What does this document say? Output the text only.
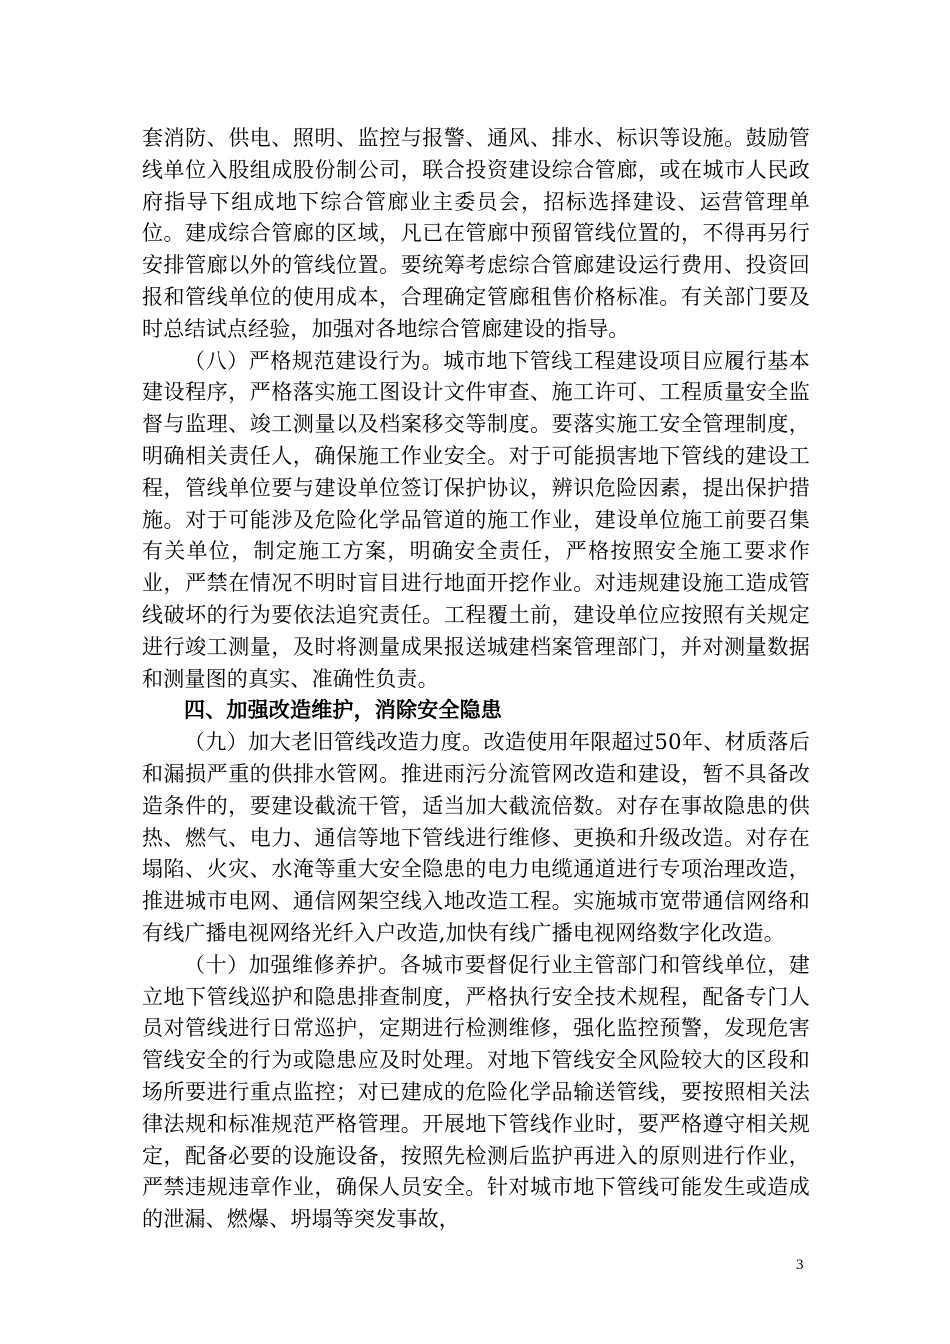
套消防、供电、照明、监控与报警、通风、排水、标识等设施。鼓励管线单位入股组成股份制公司，联合投资建设综合管廊，或在城市人民政府指导下组成地下综合管廊业主委员会，招标选择建设、运营管理单位。建成综合管廊的区域，凡已在管廊中预留管线位置的，不得再另行安排管廊以外的管线位置。要统筹考虑综合管廊建设运行费用、投资回报和管线单位的使用成本，合理确定管廊租售价格标准。有关部门要及时总结试点经验，加强对各地综合管廊建设的指导。

（八）严格规范建设行为。城市地下管线工程建设项目应履行基本建设程序，严格落实施工图设计文件审查、施工许可、工程质量安全监督与监理、竣工测量以及档案移交等制度。要落实施工安全管理制度，明确相关责任人，确保施工作业安全。对于可能损害地下管线的建设工程，管线单位要与建设单位签订保护协议，辨识危险因素，提出保护措施。对于可能涉及危险化学品管道的施工作业，建设单位施工前要召集有关单位，制定施工方案，明确安全责任，严格按照安全施工要求作业，严禁在情况不明时盲目进行地面开挖作业。对违规建设施工造成管线破坏的行为要依法追究责任。工程覆土前，建设单位应按照有关规定进行竣工测量，及时将测量成果报送城建档案管理部门，并对测量数据和测量图的真实、准确性负责。

四、加强改造维护，消除安全隐患

（九）加大老旧管线改造力度。改造使用年限超过50年、材质落后和漏损严重的供排水管网。推进雨污分流管网改造和建设，暂不具备改造条件的，要建设截流干管，适当加大截流倍数。对存在事故隐患的供热、燃气、电力、通信等地下管线进行维修、更换和升级改造。对存在塌陷、火灾、水淹等重大安全隐患的电力电缆通道进行专项治理改造，推进城市电网、通信网架空线入地改造工程。实施城市宽带通信网络和有线广播电视网络光纤入户改造,加快有线广播电视网络数字化改造。

（十）加强维修养护。各城市要督促行业主管部门和管线单位，建立地下管线巡护和隐患排查制度，严格执行安全技术规程，配备专门人员对管线进行日常巡护，定期进行检测维修，强化监控预警，发现危害管线安全的行为或隐患应及时处理。对地下管线安全风险较大的区段和场所要进行重点监控；对已建成的危险化学品输送管线，要按照相关法律法规和标准规范严格管理。开展地下管线作业时，要严格遵守相关规定，配备必要的设施设备，按照先检测后监护再进入的原则进行作业，严禁违规违章作业，确保人员安全。针对城市地下管线可能发生或造成的泄漏、燃爆、坍塌等突发事故，

3
